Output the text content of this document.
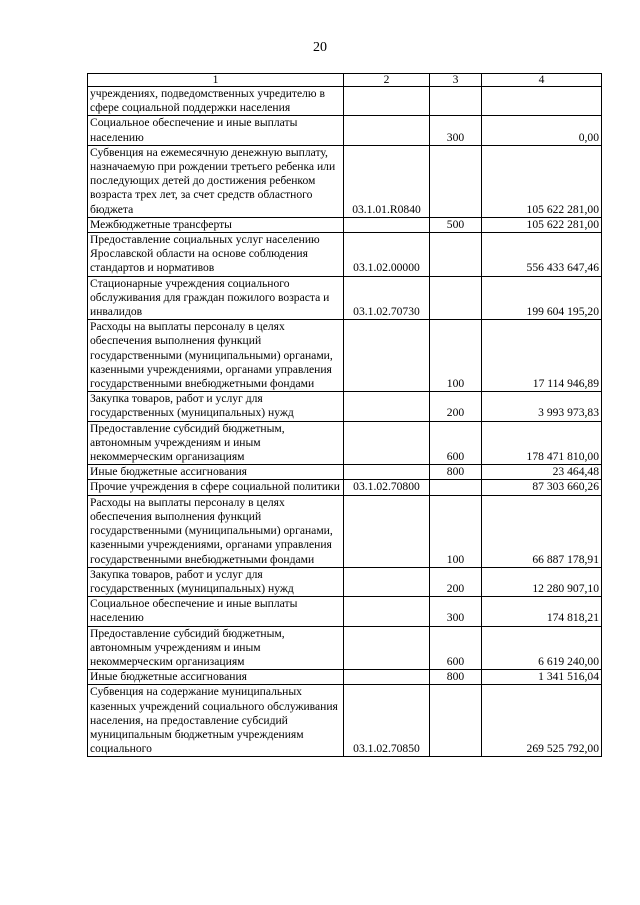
20
1	2	3	4
учреждениях, подведомственных учредителю в сфере социальной поддержки населения			
Социальное обеспечение и иные выплаты населению		300	0,00
Субвенция на ежемесячную денежную выплату, назначаемую при рождении третьего ребенка или последующих детей до достижения ребенком возраста трех лет, за счет средств областного бюджета	03.1.01.R0840		105 622 281,00
Межбюджетные трансферты		500	105 622 281,00
Предоставление социальных услуг населению Ярославской области на основе соблюдения стандартов и нормативов	03.1.02.00000		556 433 647,46
Стационарные учреждения социального обслуживания для граждан пожилого возраста и инвалидов	03.1.02.70730		199 604 195,20
Расходы на выплаты персоналу в целях обеспечения выполнения функций государственными (муниципальными) органами, казенными учреждениями, органами управления государственными внебюджетными фондами		100	17 114 946,89
Закупка товаров, работ и услуг для государственных (муниципальных) нужд		200	3 993 973,83
Предоставление субсидий бюджетным, автономным учреждениям и иным некоммерческим организациям		600	178 471 810,00
Иные бюджетные ассигнования		800	23 464,48
Прочие учреждения в сфере социальной политики	03.1.02.70800		87 303 660,26
Расходы на выплаты персоналу в целях обеспечения выполнения функций государственными (муниципальными) органами, казенными учреждениями, органами управления государственными внебюджетными фондами		100	66 887 178,91
Закупка товаров, работ и услуг для государственных (муниципальных) нужд		200	12 280 907,10
Социальное обеспечение и иные выплаты населению		300	174 818,21
Предоставление субсидий бюджетным, автономным учреждениям и иным некоммерческим организациям		600	6 619 240,00
Иные бюджетные ассигнования		800	1 341 516,04
Субвенция на содержание муниципальных казенных учреждений социального обслуживания населения, на предоставление субсидий муниципальным бюджетным учреждениям социального	03.1.02.70850		269 525 792,00
